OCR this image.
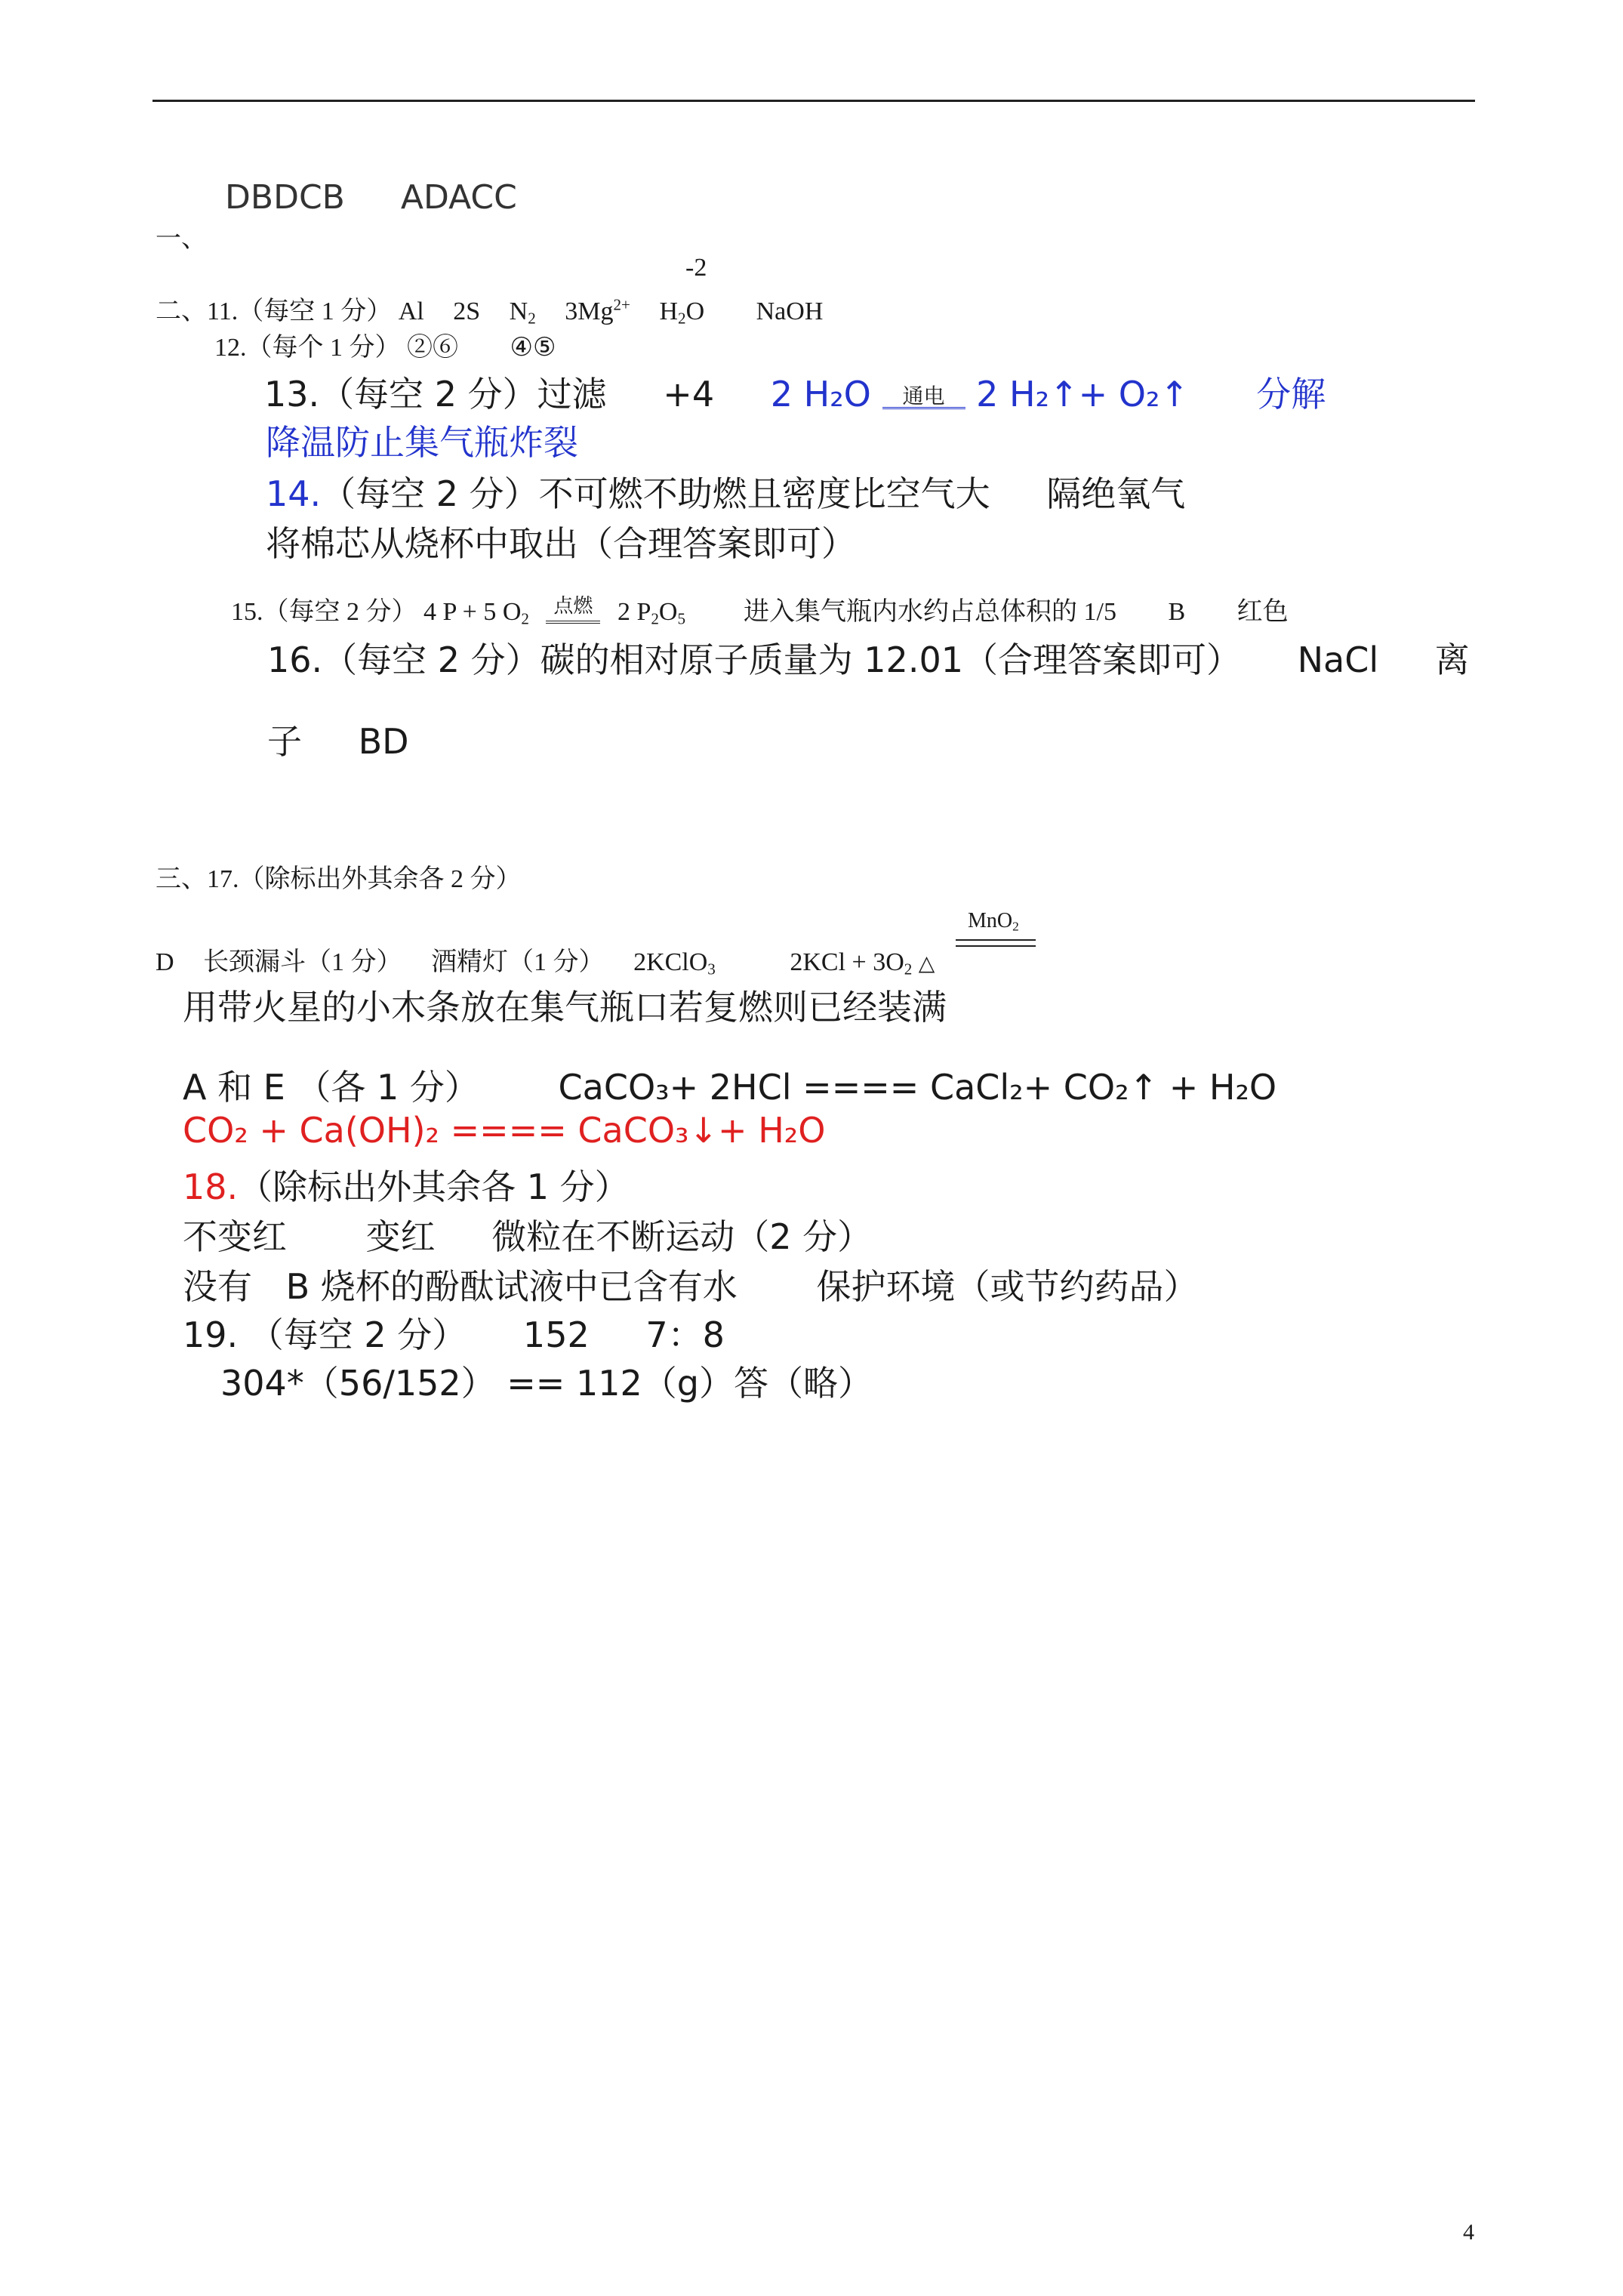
DBDCB ADACC
一、
-2
二、11.（每空 1 分） Al 2S $N_2$ $3Mg^{2+}$ $H_2O$ NaOH
12.（每个 1 分） ②⑥ ④⑤
13.（每空 2 分）过滤 +4 2 H₂O	通电 2 H₂↑+ O₂↑ 分解
降温防止集气瓶炸裂
14.（每空 2 分）不可燃不助燃且密度比空气大 隔绝氧气
将棉芯从烧杯中取出（合理答案即可）
15.（每空 2 分） 4 P + 5 $O_2$
点燃 2 $P_2O_5$ 进入集气瓶内水约占总体积的 1/5 B 红色
16.（每空 2 分）碳的相对原子质量为 12.01（合理答案即可） NaCl 离
子 BD
三、17.（除标出外其余各 2 分）
MnO$_2$
D 长颈漏斗（1 分） 酒精灯（1 分） 2KClO$_3$	$2KCl + 3O_2$ △
用带火星的小木条放在集气瓶口若复燃则已经装满
A 和 E （各 1 分） CaCO₃+ 2HCl ==== CaCl₂+ CO₂↑ + H₂O
CO₂ + Ca(OH)₂ ==== CaCO₃↓+ H₂O
18.（除标出外其余各 1 分）
不变红 变红 微粒在不断运动（2 分）
没有 B 烧杯的酚酞试液中已含有水 保护环境（或节约药品）
19. （每空 2 分） 152 7：8
304*（56/152） == 112（g）答（略）
4
